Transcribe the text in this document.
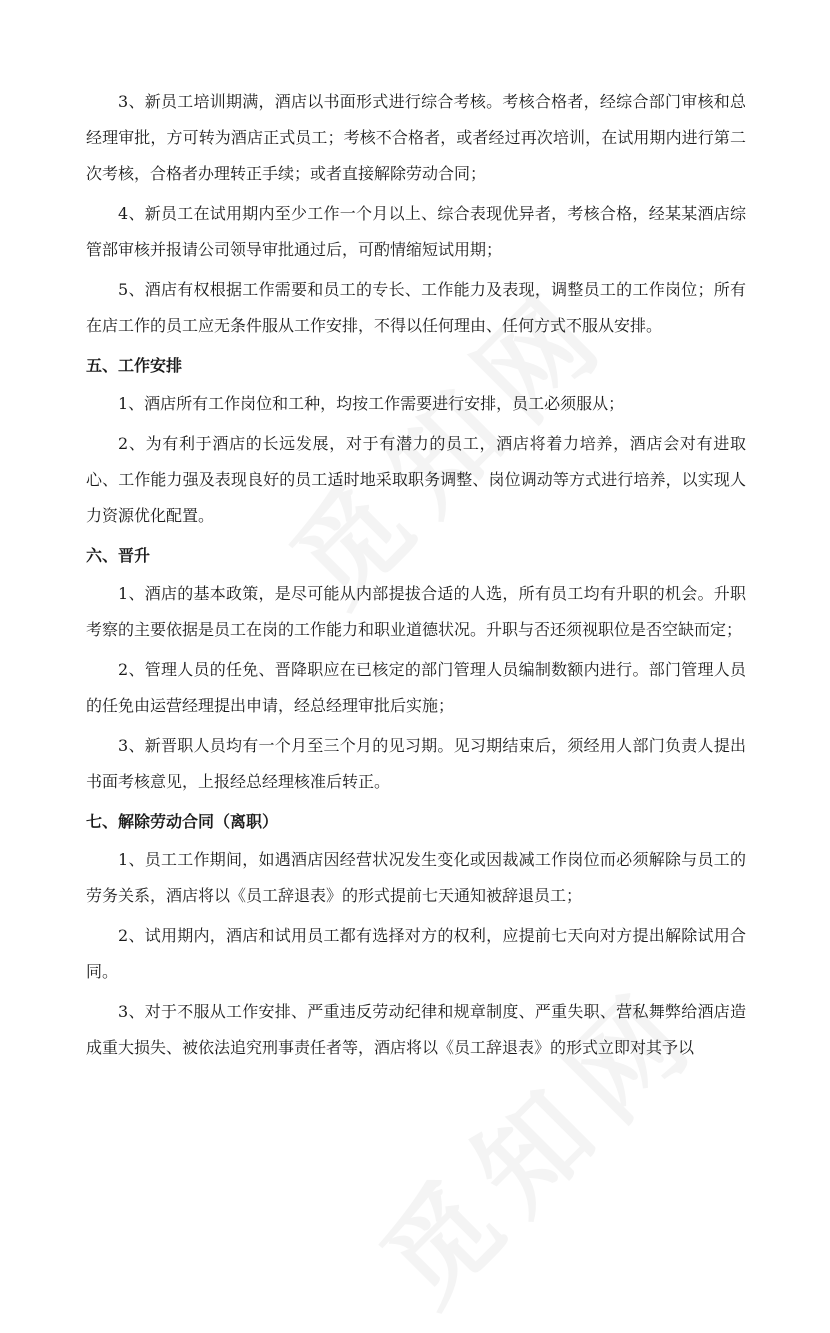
3、新员工培训期满，酒店以书面形式进行综合考核。考核合格者，经综合部门审核和总经理审批，方可转为酒店正式员工；考核不合格者，或者经过再次培训，在试用期内进行第二次考核，合格者办理转正手续；或者直接解除劳动合同；

4、新员工在试用期内至少工作一个月以上、综合表现优异者，考核合格，经某某酒店综管部审核并报请公司领导审批通过后，可酌情缩短试用期；

5、酒店有权根据工作需要和员工的专长、工作能力及表现，调整员工的工作岗位；所有在店工作的员工应无条件服从工作安排，不得以任何理由、任何方式不服从安排。

五、工作安排

1、酒店所有工作岗位和工种，均按工作需要进行安排，员工必须服从；

2、为有利于酒店的长远发展，对于有潜力的员工，酒店将着力培养，酒店会对有进取心、工作能力强及表现良好的员工适时地采取职务调整、岗位调动等方式进行培养，以实现人力资源优化配置。

六、晋升

1、酒店的基本政策，是尽可能从内部提拔合适的人选，所有员工均有升职的机会。升职考察的主要依据是员工在岗的工作能力和职业道德状况。升职与否还须视职位是否空缺而定；

2、管理人员的任免、晋降职应在已核定的部门管理人员编制数额内进行。部门管理人员的任免由运营经理提出申请，经总经理审批后实施；

3、新晋职人员均有一个月至三个月的见习期。见习期结束后，须经用人部门负责人提出书面考核意见，上报经总经理核准后转正。

七、解除劳动合同（离职）

1、员工工作期间，如遇酒店因经营状况发生变化或因裁减工作岗位而必须解除与员工的劳务关系，酒店将以《员工辞退表》的形式提前七天通知被辞退员工；

2、试用期内，酒店和试用员工都有选择对方的权利，应提前七天向对方提出解除试用合同。

3、对于不服从工作安排、严重违反劳动纪律和规章制度、严重失职、营私舞弊给酒店造成重大损失、被依法追究刑事责任者等，酒店将以《员工辞退表》的形式立即对其予以
